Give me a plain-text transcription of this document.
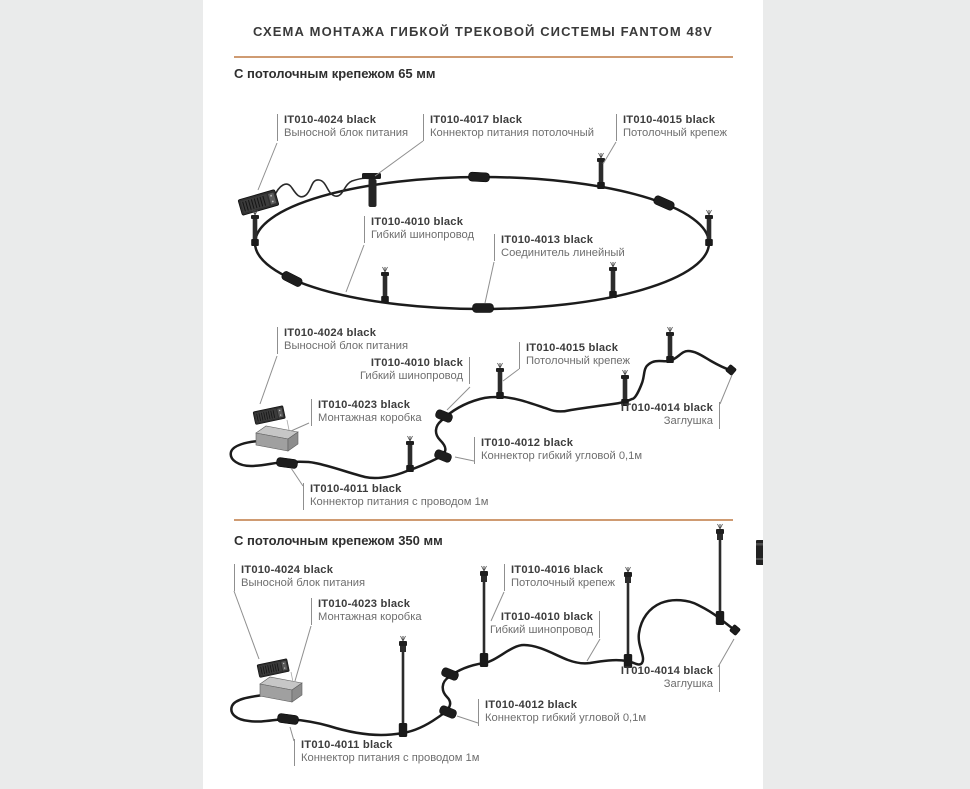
СХЕМА МОНТАЖА ГИБКОЙ ТРЕКОВОЙ СИСТЕМЫ FANTOM 48V
С потолочным крепежом 65 мм
С потолочным крепежом 350 мм
IT010-4024 black
Выносной блок питания
IT010-4017 black
Коннектор питания потолочный
IT010-4015 black
Потолочный крепеж
IT010-4010 black
Гибкий шинопровод IT010-4013 black
Соединитель линейный
IT010-4024 black
Выносной блок питания
IT010-4010 black
Гибкий шинопровод
IT010-4015 black
Потолочный крепеж
IT010-4023 black
Монтажная коробка
IT010-4012 black
Коннектор гибкий угловой 0,1м
IT010-4011 black
Коннектор питания с проводом 1м
IT010-4014 black
Заглушка
IT010-4024 black
Выносной блок питания
IT010-4023 black
Монтажная коробка
IT010-4016 black
Потолочный крепеж
IT010-4010 black
Гибкий шинопровод
IT010-4012 black
Коннектор гибкий угловой 0,1м
IT010-4011 black
Коннектор питания с проводом 1м
IT010-4014 black
Заглушка
